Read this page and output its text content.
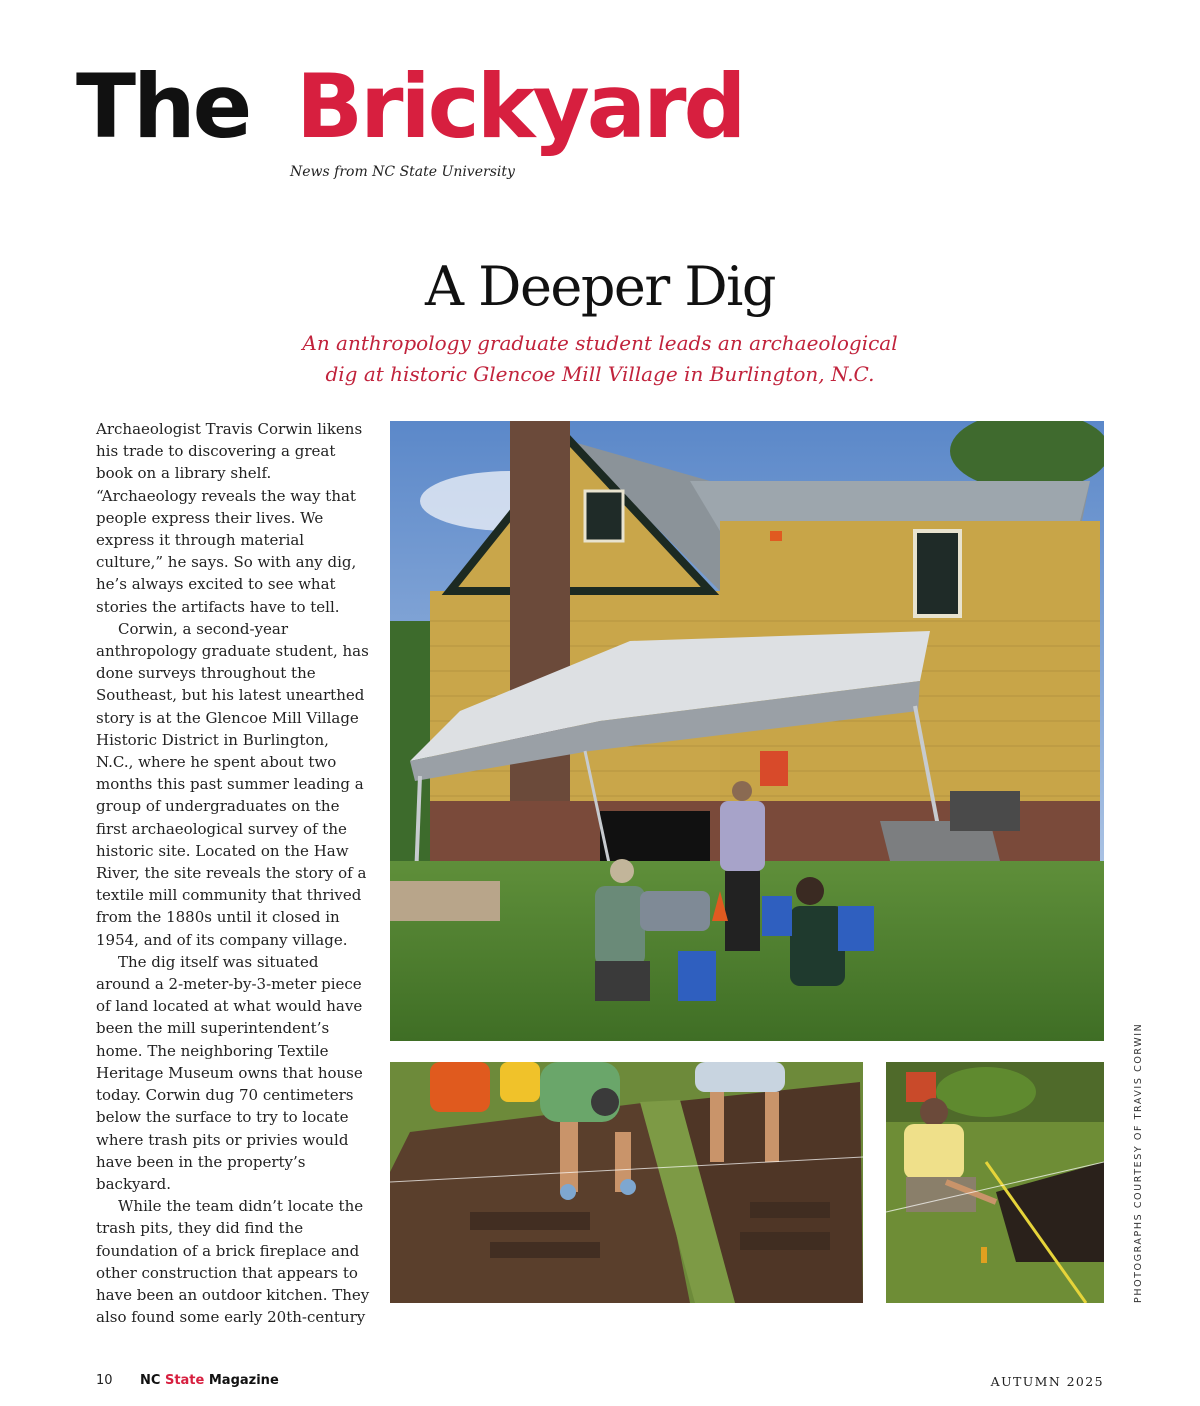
The Brickyard
News from NC State University
A Deeper Dig
An anthropology graduate student leads an archaeological
dig at historic Glencoe Mill Village in Burlington, N.C.

Archaeologist Travis Corwin likens his trade to discovering a great book on a library shelf. “Archaeology reveals the way that people express their lives. We express it through material culture,” he says. So with any dig, he’s always excited to see what stories the artifacts have to tell.

Corwin, a second-year anthropology graduate student, has done surveys throughout the Southeast, but his latest unearthed story is at the Glencoe Mill Village Historic District in Burlington, N.C., where he spent about two months this past summer leading a group of undergraduates on the first archaeological survey of the historic site. Located on the Haw River, the site reveals the story of a textile mill community that thrived from the 1880s until it closed in 1954, and of its company village.

The dig itself was situated around a 2-meter-by-3-meter piece of land located at what would have been the mill superintendent’s home. The neighboring Textile Heritage Museum owns that house today. Corwin dug 70 centimeters below the surface to try to locate where trash pits or privies would have been in the property’s backyard.

While the team didn’t locate the trash pits, they did find the foundation of a brick fireplace and other construction that appears to have been an outdoor kitchen. They also found some early 20th-century

PHOTOGRAPHS COURTESY OF TRAVIS CORWIN
10 NC State Magazine	AUTUMN 2025
